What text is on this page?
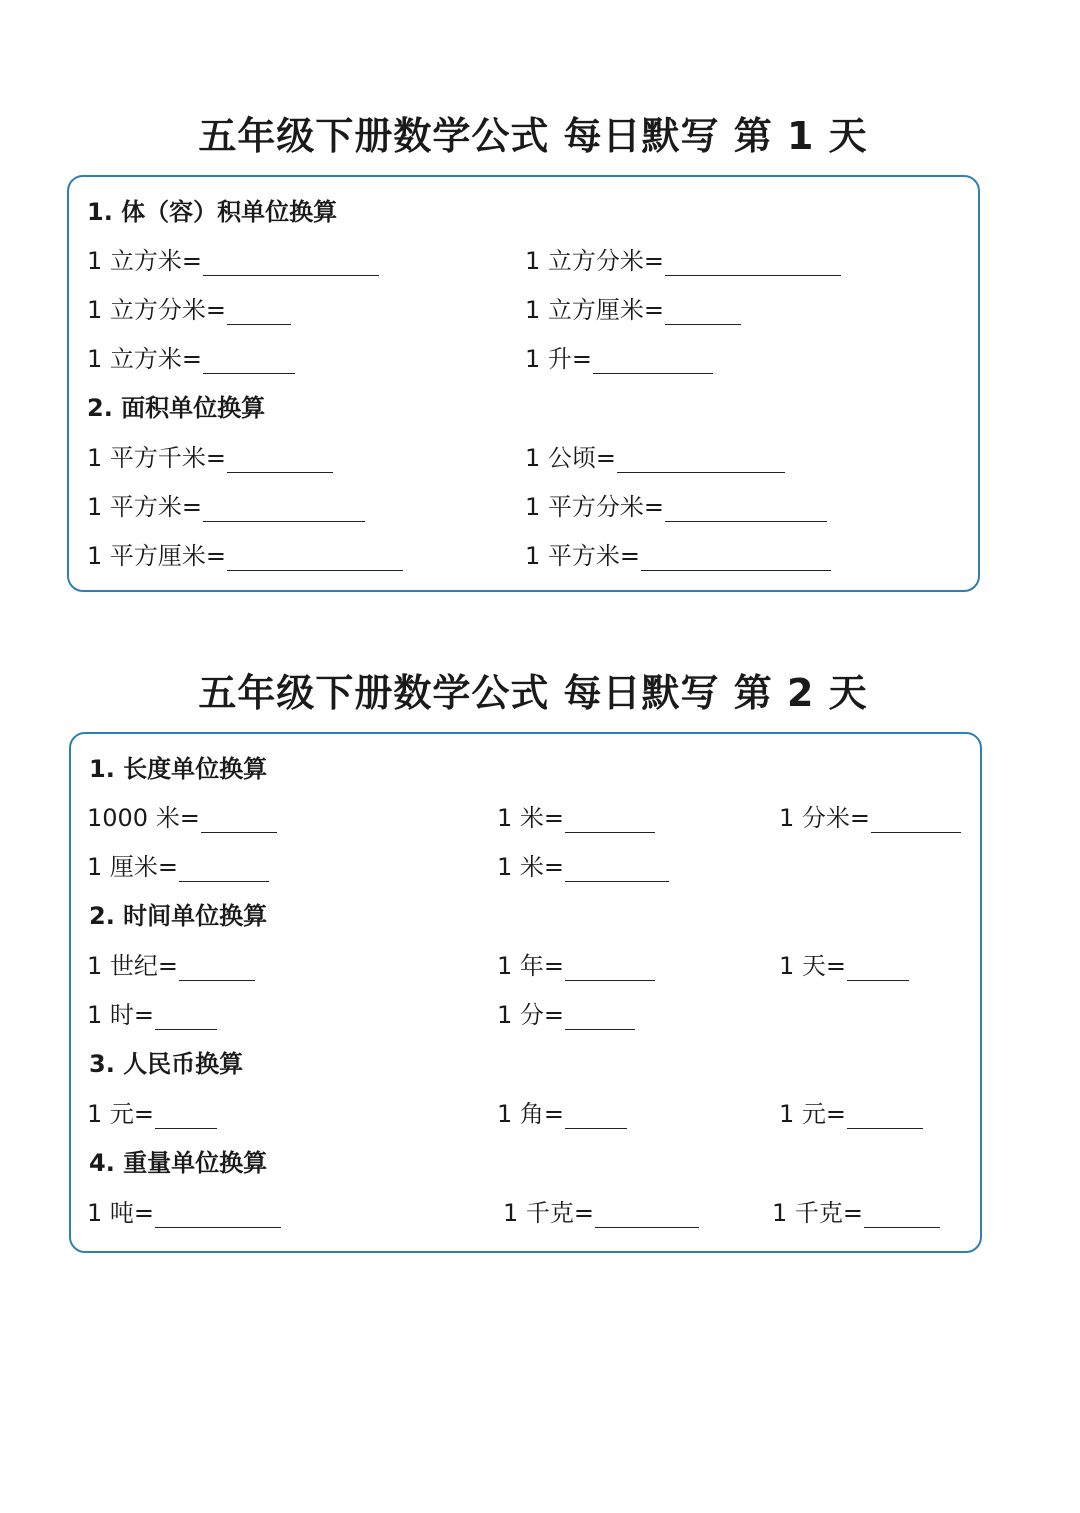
五年级下册数学公式 每日默写 第 1 天
1. 体（容）积单位换算
1 立方米=	1 立方分米=
1 立方分米=	1 立方厘米=
1 立方米=	1 升=
2. 面积单位换算
1 平方千米=	1 公顷=
1 平方米=	1 平方分米=
1 平方厘米=	1 平方米=
五年级下册数学公式 每日默写 第 2 天
1. 长度单位换算
1000 米=	1 米=	1 分米=
1 厘米=	1 米=
2. 时间单位换算
1 世纪=	1 年=	1 天=
1 时=	1 分=
3. 人民币换算
1 元=	1 角=	1 元=
4. 重量单位换算
1 吨=	1 千克=	1 千克=
